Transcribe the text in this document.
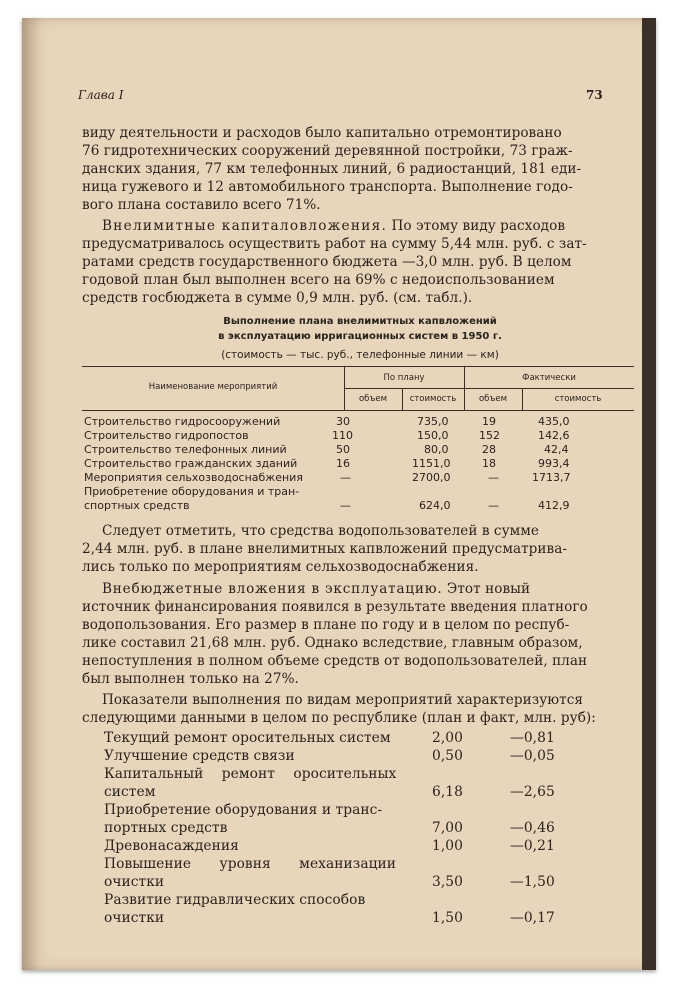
Глава I	73
виду деятельности и расходов было капитально отремонтировано
76 гидротехнических сооружений деревянной постройки, 73 граж-
данских здания, 77 км телефонных линий, 6 радиостанций, 181 еди-
ница гужевого и 12 автомобильного транспорта. Выполнение годо-
вого плана составило всего 71%.
Внелимитные капиталовложения. По этому виду расходов
предусматривалось осуществить работ на сумму 5,44 млн. руб. с зат-
ратами средств государственного бюджета —3,0 млн. руб. В целом
годовой план был выполнен всего на 69% с недоиспользованием
средств госбюджета в сумме 0,9 млн. руб. (см. табл.).
Выполнение плана внелимитных капвложений
в эксплуатацию ирригационных систем в 1950 г.
(стоимость — тыс. руб., телефонные линии — км)
Наименование мероприятий
По плану	Фактически
объем	стоимость	объем	стоимость
Строительство гидросооружений	30	735,0	19	435,0
Строительство гидропостов	110	150,0	152	142,6
Строительство телефонных линий	50	80,0	28	42,4
Строительство гражданских зданий	16	1151,0	18	993,4
Мероприятия сельхозводоснабжения	—	2700,0	—	1713,7
Приобретение оборудования и тран-
спортных средств	—	624,0	—	412,9
Следует отметить, что средства водопользователей в сумме
2,44 млн. руб. в плане внелимитных капвложений предусматрива-
лись только по мероприятиям сельхозводоснабжения.
Внебюджетные вложения в эксплуатацию. Этот новый
источник финансирования появился в результате введения платного
водопользования. Его размер в плане по году и в целом по респуб-
лике составил 21,68 млн. руб. Однако вследствие, главным образом,
непоступления в полном объеме средств от водопользователей, план
был выполнен только на 27%.
Показатели выполнения по видам мероприятий характеризуются
следующими данными в целом по республике (план и факт, млн. руб):
Текущий ремонт оросительных систем	2,00	—0,81
Улучшение средств связи	0,50	—0,05
Капитальный ремонт оросительных
систем	6,18	—2,65
Приобретение оборудования и транс-
портных средств	7,00	—0,46
Древонасаждения	1,00	—0,21
Повышение уровня механизации
очистки	3,50	—1,50
Развитие гидравлических способов
очистки	1,50	—0,17
